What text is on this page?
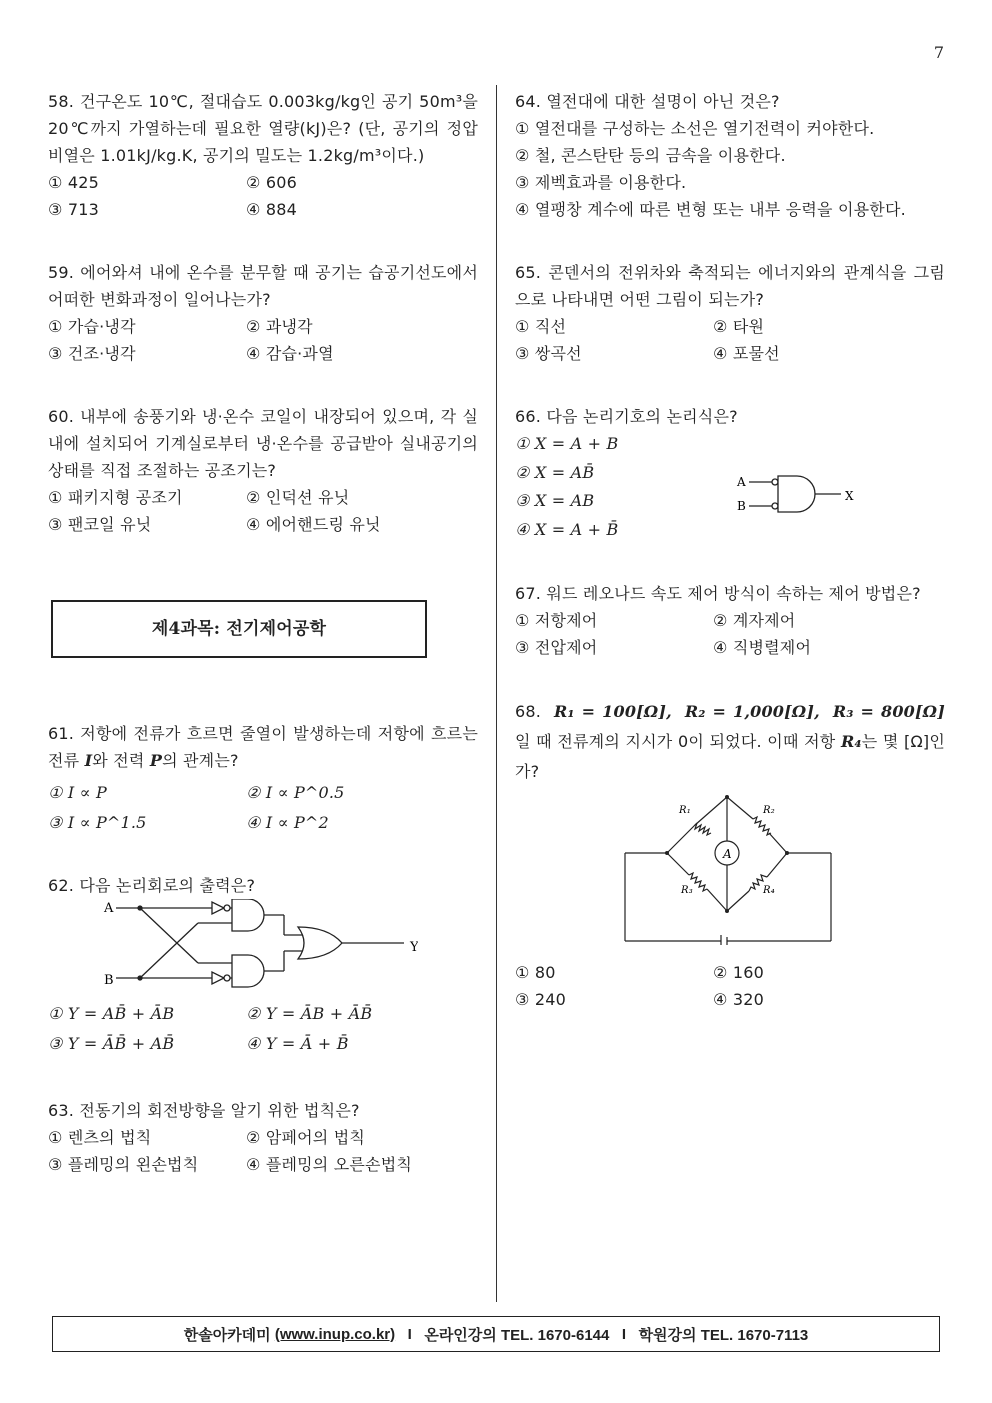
7

58. 건구온도 10℃, 절대습도 0.003kg/kg인 공기 50m³을 20℃까지 가열하는데 필요한 열량(kJ)은? (단, 공기의 정압비열은 1.01kJ/kg.K, 공기의 밀도는 1.2kg/m³이다.)

① 425	② 606
③ 713	④ 884

59. 에어와셔 내에 온수를 분무할 때 공기는 습공기선도에서 어떠한 변화과정이 일어나는가?

① 가습·냉각	② 과냉각
③ 건조·냉각	④ 감습·과열

60. 내부에 송풍기와 냉·온수 코일이 내장되어 있으며, 각 실내에 설치되어 기계실로부터 냉·온수를 공급받아 실내공기의 상태를 직접 조절하는 공조기는?

① 패키지형 공조기	② 인덕션 유닛
③ 팬코일 유닛	④ 에어핸드링 유닛
제4과목: 전기제어공학

61. 저항에 전류가 흐르면 줄열이 발생하는데 저항에 흐르는 전류 I와 전력 P의 관계는?

① I ∝ P	② I ∝ P^0.5
③ I ∝ P^1.5	④ I ∝ P^2

62. 다음 논리회로의 출력은?

A
B
Y
① Y = AB̄ + ĀB	② Y = ĀB + ĀB̄
③ Y = ĀB̄ + AB̄	④ Y = Ā + B̄

63. 전동기의 회전방향을 알기 위한 법칙은?

① 렌츠의 법칙	② 암페어의 법칙
③ 플레밍의 왼손법칙	④ 플레밍의 오른손법칙

64. 열전대에 대한 설명이 아닌 것은?

① 열전대를 구성하는 소선은 열기전력이 커야한다.

② 철, 콘스탄탄 등의 금속을 이용한다.

③ 제벡효과를 이용한다.

④ 열팽창 계수에 따른 변형 또는 내부 응력을 이용한다.

65. 콘덴서의 전위차와 축적되는 에너지와의 관계식을 그림으로 나타내면 어떤 그림이 되는가?

① 직선	② 타원
③ 쌍곡선	④ 포물선

66. 다음 논리기호의 논리식은?

① X = A + B
② X = AB̄
③ X = AB
④ X = A + B̄
A
B
X

67. 워드 레오나드 속도 제어 방식이 속하는 제어 방법은?

① 저항제어	② 계자제어
③ 전압제어	④ 직병렬제어

68. R₁ = 100[Ω], R₂ = 1,000[Ω], R₃ = 800[Ω]일 때 전류계의 지시가 0이 되었다. 이때 저항 R₄는 몇 [Ω]인가?

A
R₁	R₂
R₃	R₄
① 80	② 160
③ 240	④ 320
한솔아카데미
(www.inup.co.kr)
I
온라인강의 TEL. 1670-6144
I
학원강의 TEL. 1670-7113
